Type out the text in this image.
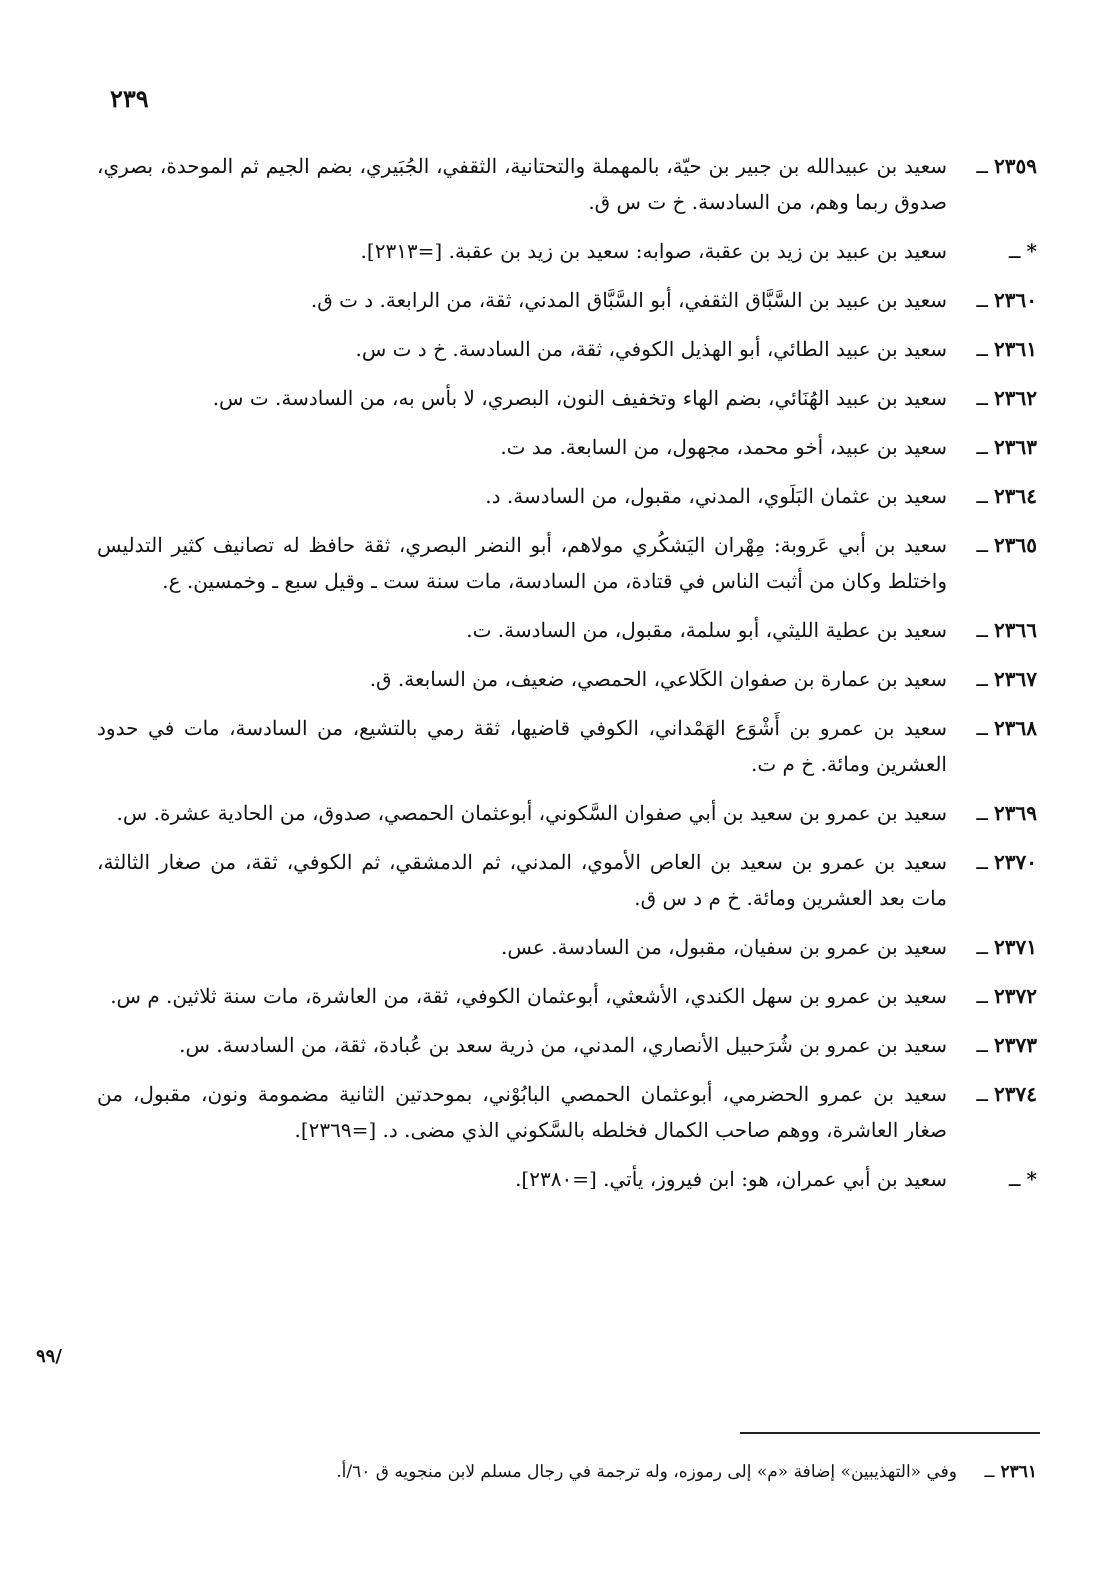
٢٣٩
٢٣٥٩ــ
سعيد بن عبيدالله بن جبير بن حيّة، بالمهملة والتحتانية، الثقفي، الجُبَيري، بضم الجيم ثم الموحدة، بصري، صدوق ربما وهم، من السادسة. خ ت س ق.
*ــ
سعيد بن عبيد بن زيد بن عقبة، صوابه: سعيد بن زيد بن عقبة. [=٢٣١٣].
٢٣٦٠ــ
سعيد بن عبيد بن السَّبَّاق الثقفي، أبو السَّبَّاق المدني، ثقة، من الرابعة. د ت ق.
٢٣٦١ــ
سعيد بن عبيد الطائي، أبو الهذيل الكوفي، ثقة، من السادسة. خ د ت س.
٢٣٦٢ــ
سعيد بن عبيد الهُنَائي، بضم الهاء وتخفيف النون، البصري، لا بأس به، من السادسة. ت س.
٢٣٦٣ــ
سعيد بن عبيد، أخو محمد، مجهول، من السابعة. مد ت.
٢٣٦٤ــ
سعيد بن عثمان البَلَوي، المدني، مقبول، من السادسة. د.
٢٣٦٥ــ
سعيد بن أبي عَروبة: مِهْران اليَشكُري مولاهم، أبو النضر البصري، ثقة حافظ له تصانيف كثير التدليس واختلط وكان من أثبت الناس في قتادة، من السادسة، مات سنة ست ـ وقيل سبع ـ وخمسين. ع.
٢٣٦٦ــ
سعيد بن عطية الليثي، أبو سلمة، مقبول، من السادسة. ت.
٢٣٦٧ــ
سعيد بن عمارة بن صفوان الكَلاعي، الحمصي، ضعيف، من السابعة. ق.
٢٣٦٨ــ
سعيد بن عمرو بن أَشْوَع الهَمْداني، الكوفي قاضيها، ثقة رمي بالتشيع، من السادسة، مات في حدود العشرين ومائة. خ م ت.
٢٣٦٩ــ
سعيد بن عمرو بن سعيد بن أبي صفوان السَّكوني، أبوعثمان الحمصي، صدوق، من الحادية عشرة. س.
٢٣٧٠ــ
سعيد بن عمرو بن سعيد بن العاص الأموي، المدني، ثم الدمشقي، ثم الكوفي، ثقة، من صغار الثالثة، مات بعد العشرين ومائة. خ م د س ق.
٢٣٧١ــ
سعيد بن عمرو بن سفيان، مقبول، من السادسة. عس.
٢٣٧٢ــ
سعيد بن عمرو بن سهل الكندي، الأشعثي، أبوعثمان الكوفي، ثقة، من العاشرة، مات سنة ثلاثين. م س.
٢٣٧٣ــ
سعيد بن عمرو بن شُرَحبيل الأنصاري، المدني، من ذرية سعد بن عُبادة، ثقة، من السادسة. س.
٢٣٧٤ــ
سعيد بن عمرو الحضرمي، أبوعثمان الحمصي البابُوْني، بموحدتين الثانية مضمومة ونون، مقبول، من صغار العاشرة، ووهم صاحب الكمال فخلطه بالسَّكوني الذي مضى. د. [=٢٣٦٩].
*ــ
سعيد بن أبي عمران، هو: ابن فيروز، يأتي. [=٢٣٨٠].
/٩٩
٢٣٦١ــ
وفي «التهذيبين» إضافة «م» إلى رموزه، وله ترجمة في رجال مسلم لابن منجويه ق ٦٠/أ.
